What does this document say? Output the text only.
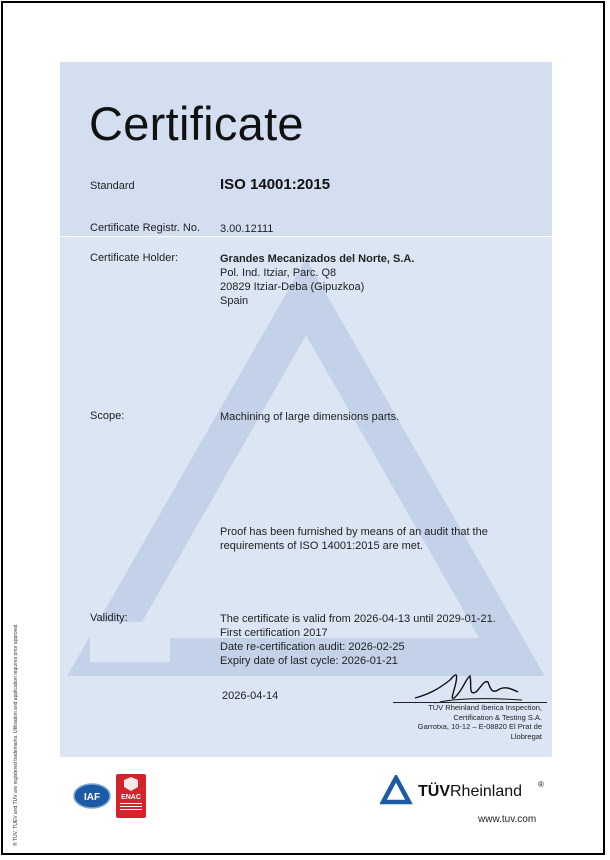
Certificate
Standard	ISO 14001:2015
Certificate Registr. No. 3.00.12111
Certificate Holder:	Grandes Mecanizados del Norte, S.A.
Pol. Ind. Itziar, Parc. Q8
20829 Itziar-Deba (Gipuzkoa)
Spain
Scope:	Machining of large dimensions parts.
Proof has been furnished by means of an audit that the
requirements of ISO 14001:2015 are met.
Validity:	The certificate is valid from 2026-04-13 until 2029-01-21.
First certification 2017
Date re-certification audit: 2026-02-25
Expiry date of last cycle: 2026-01-21
2026-04-14
TÜV Rheinland Iberica Inspection,
Certification & Testing S.A.
Garrotxa, 10-12 – E-08820 El Prat de
Llobregat
® TÜV, TUEV and TUV are registered trademarks. Utilisation and application requires prior approval.	IAF	ENAC	TÜVRheinland ®
www.tuv.com
